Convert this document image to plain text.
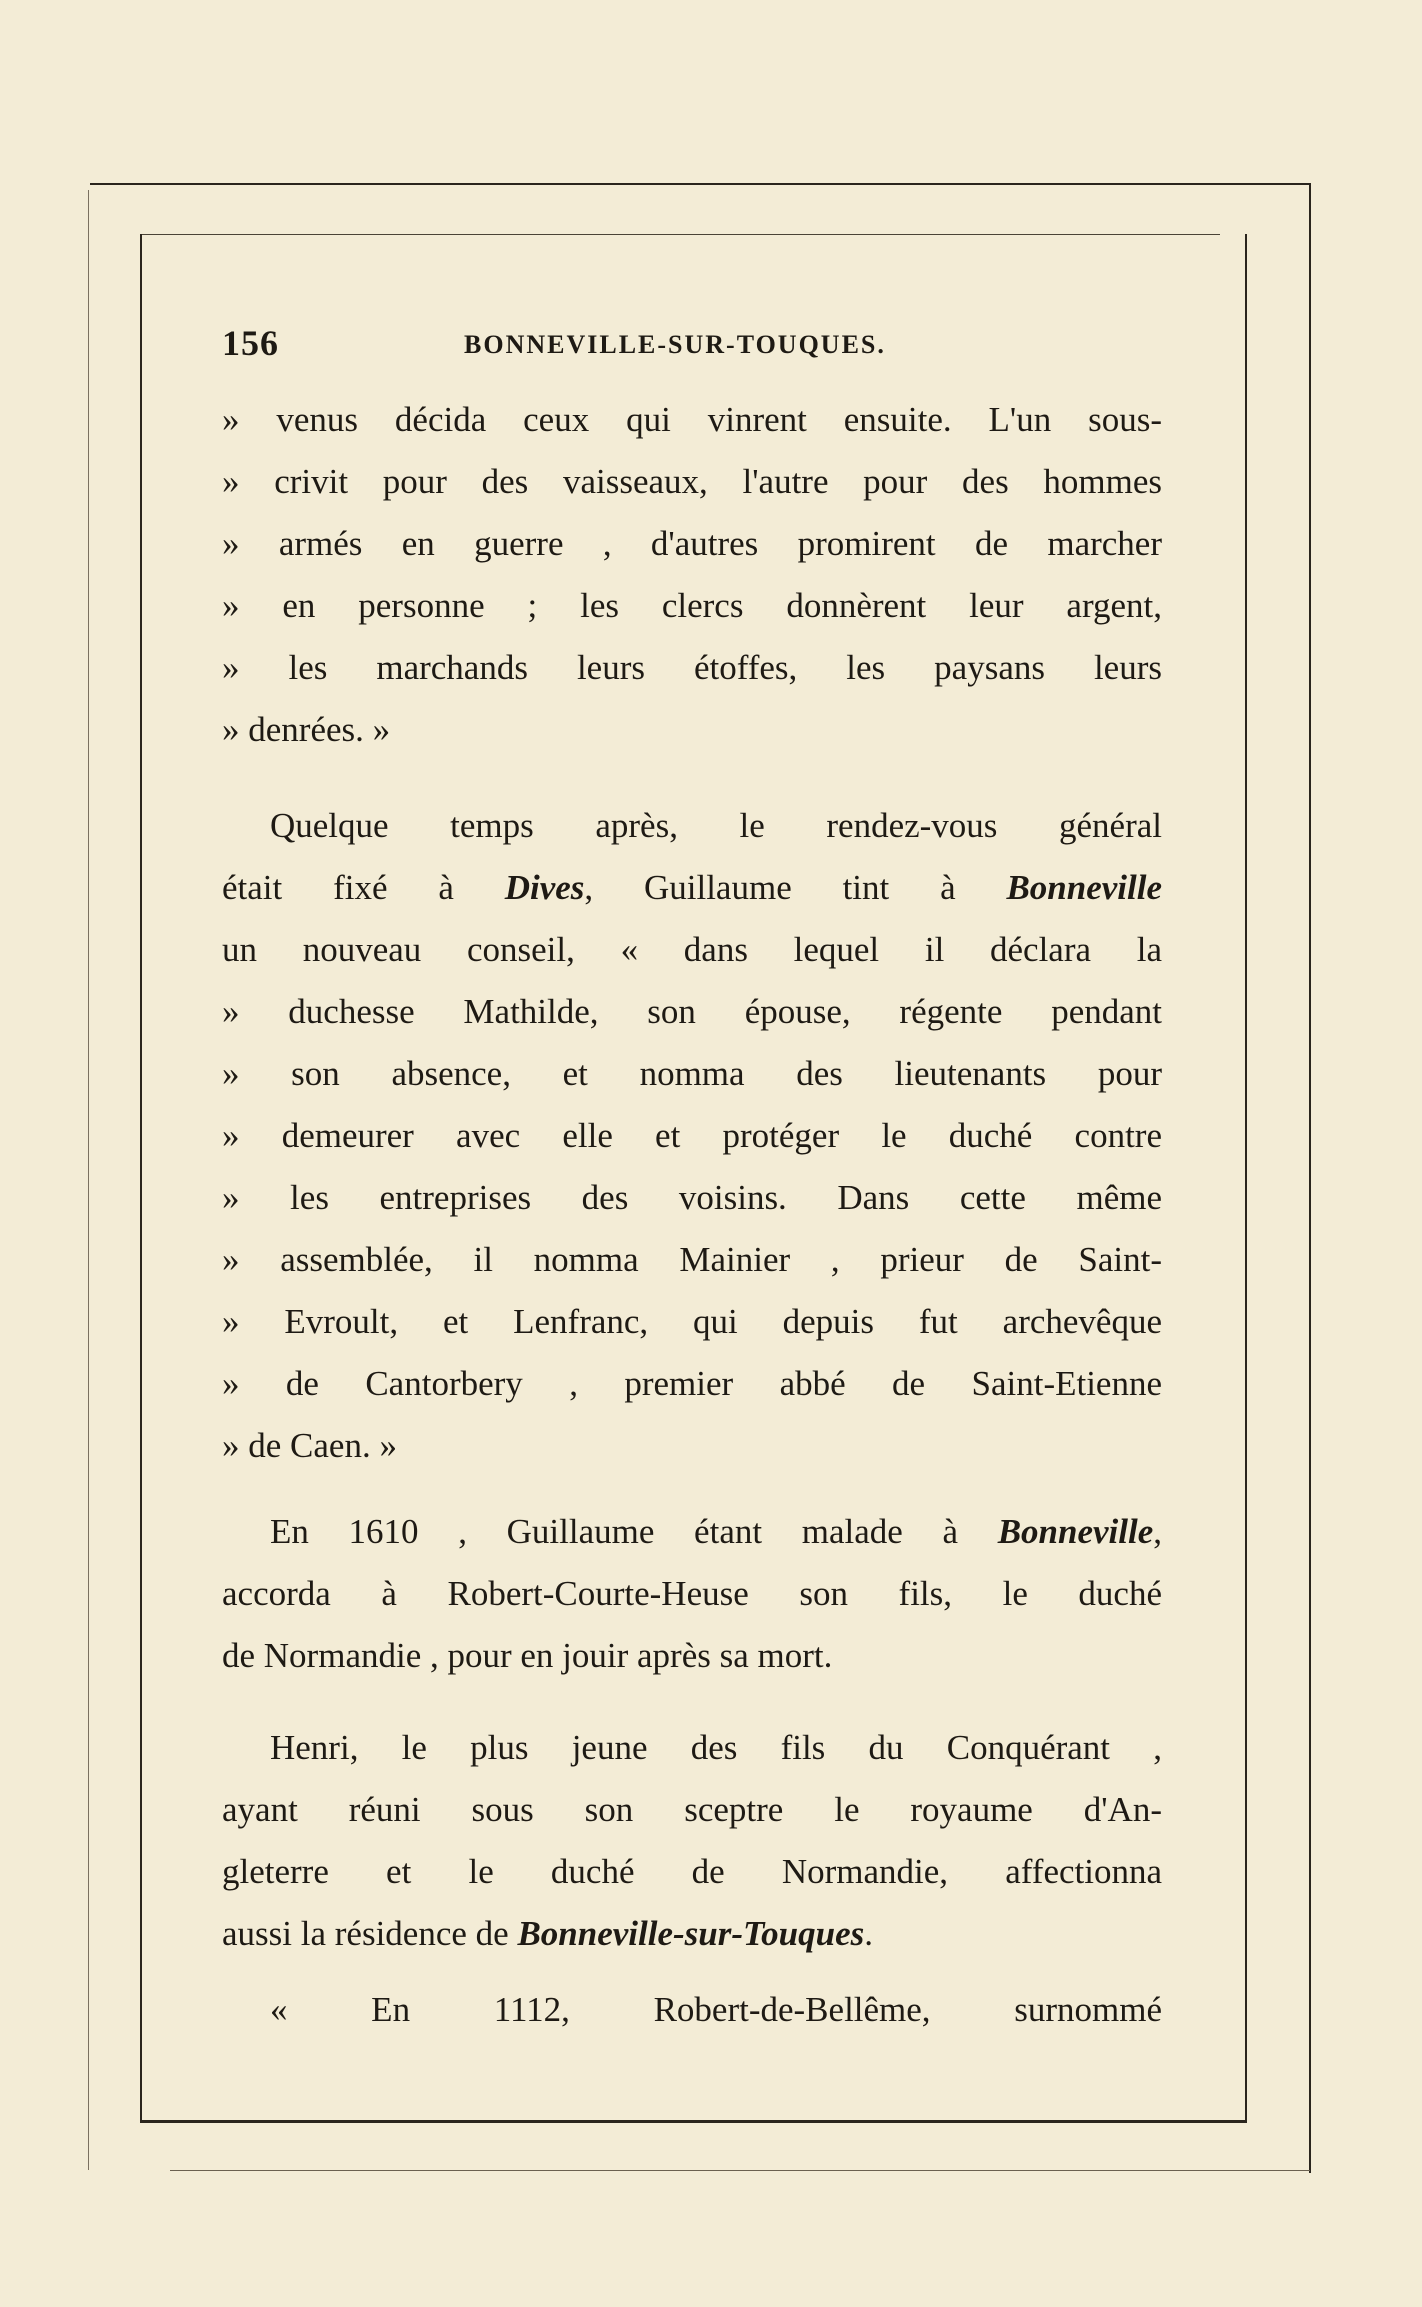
156	BONNEVILLE-SUR-TOUQUES.
» venus décida ceux qui vinrent ensuite. L'un sous-
» crivit pour des vaisseaux, l'autre pour des hommes
» armés en guerre , d'autres promirent de marcher
» en personne ; les clercs donnèrent leur argent,
» les marchands leurs étoffes, les paysans leurs
» denrées. »
Quelque temps après, le rendez-vous général
était fixé à Dives, Guillaume tint à Bonneville
un nouveau conseil, « dans lequel il déclara la
» duchesse Mathilde, son épouse, régente pendant
» son absence, et nomma des lieutenants pour
» demeurer avec elle et protéger le duché contre
» les entreprises des voisins. Dans cette même
» assemblée, il nomma Mainier , prieur de Saint-
» Evroult, et Lenfranc, qui depuis fut archevêque
» de Cantorbery , premier abbé de Saint-Etienne
» de Caen. »
En 1610 , Guillaume étant malade à Bonneville,
accorda à Robert-Courte-Heuse son fils, le duché
de Normandie , pour en jouir après sa mort.
Henri, le plus jeune des fils du Conquérant ,
ayant réuni sous son sceptre le royaume d'An-
gleterre et le duché de Normandie, affectionna
aussi la résidence de Bonneville-sur-Touques.
« En 1112, Robert-de-Bellême, surnommé
